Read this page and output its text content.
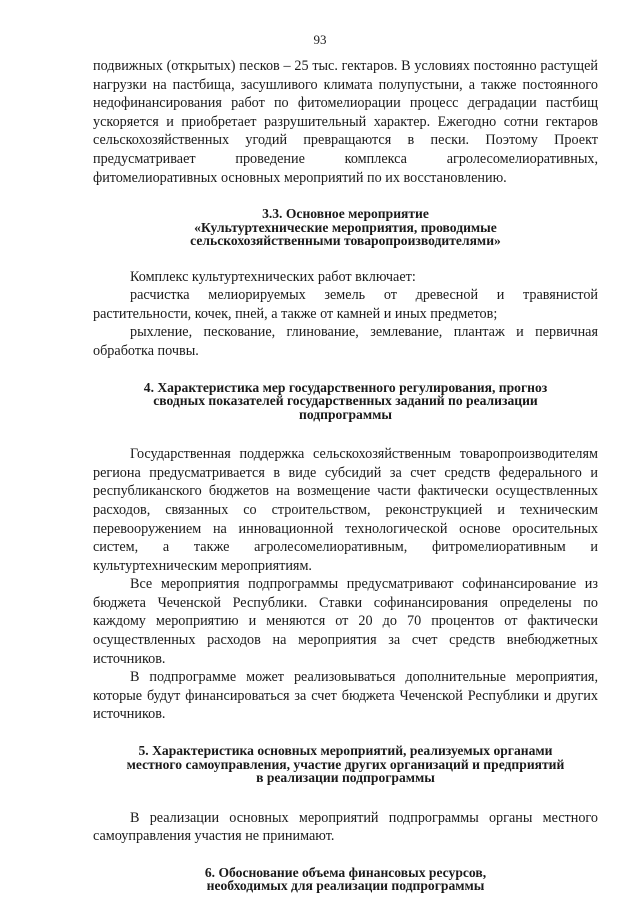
93

подвижных (открытых) песков – 25 тыс. гектаров. В условиях постоянно растущей нагрузки на пастбища, засушливого климата полупустыни, а также постоянного недофинансирования работ по фитомелиорации процесс деградации пастбищ ускоряется и приобретает разрушительный характер. Ежегодно сотни гектаров сельскохозяйственных угодий превращаются в пески. Поэтому Проект предусматривает проведение комплекса агролесомелиоративных, фитомелиоративных основных мероприятий по их восстановлению.

3.3. Основное мероприятие
«Культуртехнические мероприятия, проводимые
сельскохозяйственными товаропроизводителями»

Комплекс культуртехнических работ включает:

расчистка мелиорируемых земель от древесной и травянистой растительности, кочек, пней, а также от камней и иных предметов;

рыхление, пескование, глинование, землевание, плантаж и первичная обработка почвы.

4. Характеристика мер государственного регулирования, прогноз
сводных показателей государственных заданий по реализации
подпрограммы

Государственная поддержка сельскохозяйственным товаропроизводителям региона предусматривается в виде субсидий за счет средств федерального и республиканского бюджетов на возмещение части фактически осуществленных расходов, связанных со строительством, реконструкцией и техническим перевооружением на инновационной технологической основе оросительных систем, а также агролесомелиоративным, фитромелиоративным и культуртехническим мероприятиям.

Все мероприятия подпрограммы предусматривают софинансирование из бюджета Чеченской Республики. Ставки софинансирования определены по каждому мероприятию и меняются от 20 до 70 процентов от фактически осуществленных расходов на мероприятия за счет средств внебюджетных источников.

В подпрограмме может реализовываться дополнительные мероприятия, которые будут финансироваться за счет бюджета Чеченской Республики и других источников.

5. Характеристика основных мероприятий, реализуемых органами
местного самоуправления, участие других организаций и предприятий
в реализации подпрограммы

В реализации основных мероприятий подпрограммы органы местного самоуправления участия не принимают.

6. Обоснование объема финансовых ресурсов,
необходимых для реализации подпрограммы
